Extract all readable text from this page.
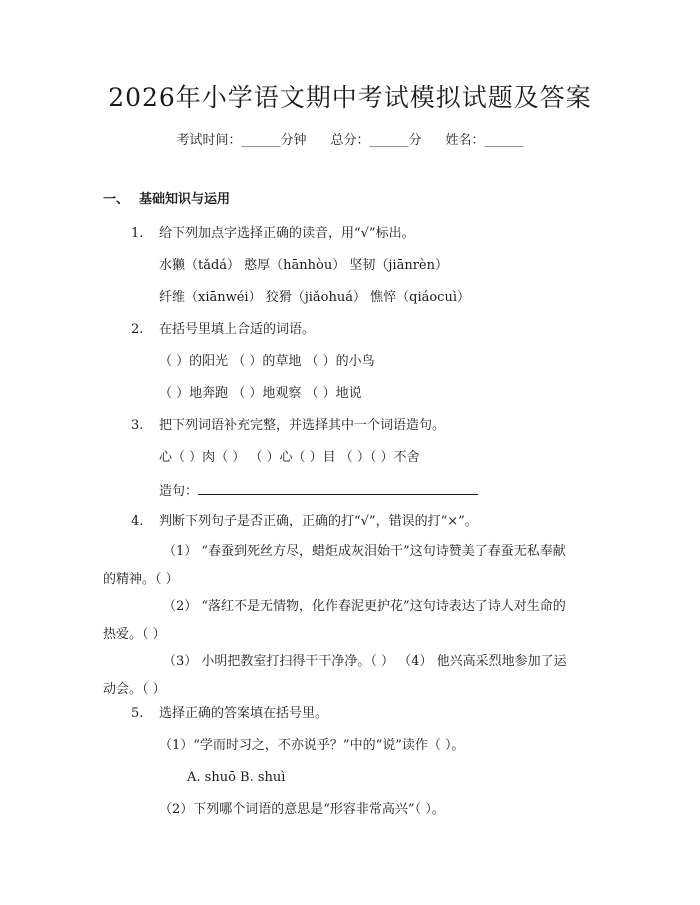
2026年小学语文期中考试模拟试题及答案
考试时间：______分钟 总分：______分 姓名：______
一、 基础知识与运用
1. 给下列加点字选择正确的读音，用“√”标出。
水獭（tǎdá） 憨厚（hānhòu） 坚韧（jiānrèn）
纤维（xiānwéi） 狡猾（jiǎohuá） 憔悴（qiáocuì）
2. 在括号里填上合适的词语。
（ ）的阳光 （ ）的草地 （ ）的小鸟
（ ）地奔跑 （ ）地观察 （ ）地说
3. 把下列词语补充完整，并选择其中一个词语造句。
心（ ）肉（ ） （ ）心（ ）目 （ ）（ ）不舍
造句：
4. 判断下列句子是否正确，正确的打“√”，错误的打“×”。
（1） “春蚕到死丝方尽，蜡炬成灰泪始干”这句诗赞美了春蚕无私奉献
的精神。（ ）
（2） “落红不是无情物，化作春泥更护花”这句诗表达了诗人对生命的
热爱。（ ）
（3） 小明把教室打扫得干干净净。（ ） （4） 他兴高采烈地参加了运
动会。（ ）
5. 选择正确的答案填在括号里。
（1）“学而时习之，不亦说乎？”中的“说”读作（ ）。
A. shuō B. shuì
（2）下列哪个词语的意思是“形容非常高兴”（ ）。
